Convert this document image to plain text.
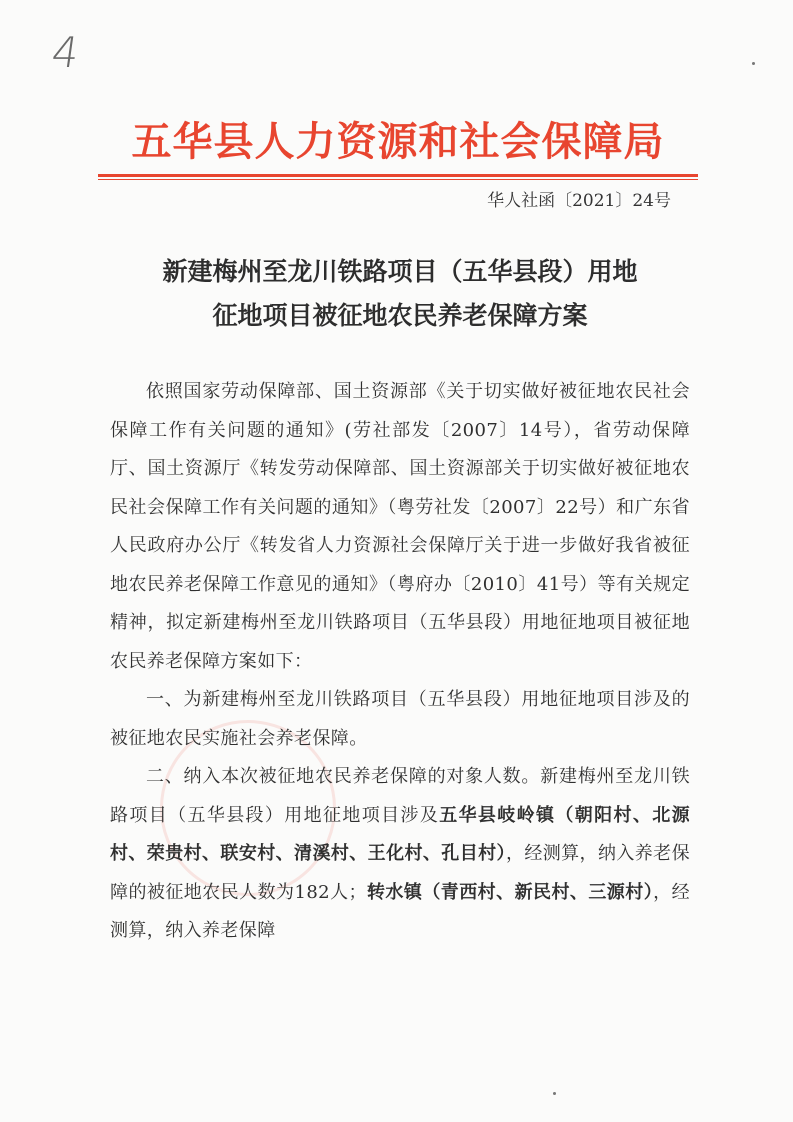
4
五华县人力资源和社会保障局
华人社函〔2021〕24号
新建梅州至龙川铁路项目（五华县段）用地
征地项目被征地农民养老保障方案

依照国家劳动保障部、国土资源部《关于切实做好被征地农民社会保障工作有关问题的通知》(劳社部发〔2007〕14号），省劳动保障厅、国土资源厅《转发劳动保障部、国土资源部关于切实做好被征地农民社会保障工作有关问题的通知》（粤劳社发〔2007〕22号）和广东省人民政府办公厅《转发省人力资源社会保障厅关于进一步做好我省被征地农民养老保障工作意见的通知》（粤府办〔2010〕41号）等有关规定精神，拟定新建梅州至龙川铁路项目（五华县段）用地征地项目被征地农民养老保障方案如下：

一、为新建梅州至龙川铁路项目（五华县段）用地征地项目涉及的被征地农民实施社会养老保障。

二、纳入本次被征地农民养老保障的对象人数。新建梅州至龙川铁路项目（五华县段）用地征地项目涉及五华县岐岭镇（朝阳村、北源村、荣贵村、联安村、清溪村、王化村、孔目村），经测算，纳入养老保障的被征地农民人数为182人；转水镇（青西村、新民村、三源村），经测算，纳入养老保障
